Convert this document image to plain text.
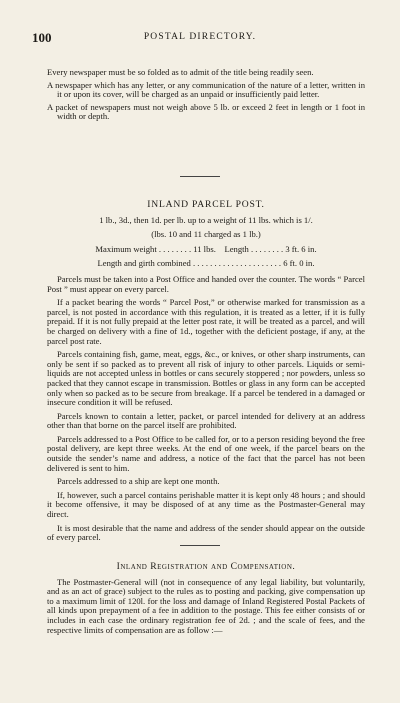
100	POSTAL DIRECTORY.

Every newspaper must be so folded as to admit of the title being readily seen.

A newspaper which has any letter, or any communication of the nature of a letter, written in it or upon its cover, will be charged as an unpaid or insufficiently paid letter.

A packet of newspapers must not weigh above 5 lb. or exceed 2 feet in length or 1 foot in width or depth.

INLAND PARCEL POST.

1 lb., 3d., then 1d. per lb. up to a weight of 11 lbs. which is 1/.

(lbs. 10 and 11 charged as 1 lb.)

Maximum weight . . . . . . . . 11 lbs.    Length . . . . . . . . 3 ft. 6 in.

Length and girth combined . . . . . . . . . . . . . . . . . . . . . 6 ft. 0 in.

Parcels must be taken into a Post Office and handed over the counter. The words “ Parcel Post ” must appear on every parcel.

If a packet bearing the words “ Parcel Post,” or otherwise marked for transmission as a parcel, is not posted in accordance with this regulation, it is treated as a letter, if it is fully prepaid. If it is not fully prepaid at the letter post rate, it will be treated as a parcel, and will be charged on delivery with a fine of 1d., together with the deficient postage, if any, at the parcel post rate.

Parcels containing fish, game, meat, eggs, &c., or knives, or other sharp instruments, can only be sent if so packed as to prevent all risk of injury to other parcels. Liquids or semi-liquids are not accepted unless in bottles or cans securely stoppered ; nor powders, unless so packed that they cannot escape in transmission. Bottles or glass in any form can be accepted only when so packed as to be secure from breakage. If a parcel be tendered in a damaged or insecure condition it will be refused.

Parcels known to contain a letter, packet, or parcel intended for delivery at an address other than that borne on the parcel itself are prohibited.

Parcels addressed to a Post Office to be called for, or to a person residing beyond the free postal delivery, are kept three weeks. At the end of one week, if the parcel bears on the outside the sender’s name and address, a notice of the fact that the parcel has not been delivered is sent to him.

Parcels addressed to a ship are kept one month.

If, however, such a parcel contains perishable matter it is kept only 48 hours ; and should it become offensive, it may be disposed of at any time as the Postmaster-General may direct.

It is most desirable that the name and address of the sender should appear on the outside of every parcel.

Inland Registration and Compensation.

The Postmaster-General will (not in consequence of any legal liability, but voluntarily, and as an act of grace) subject to the rules as to posting and packing, give compensation up to a maximum limit of 120l. for the loss and damage of Inland Registered Postal Packets of all kinds upon prepayment of a fee in addition to the postage. This fee either consists of or includes in each case the ordinary registration fee of 2d. ; and the scale of fees, and the respective limits of compensation are as follow :—
